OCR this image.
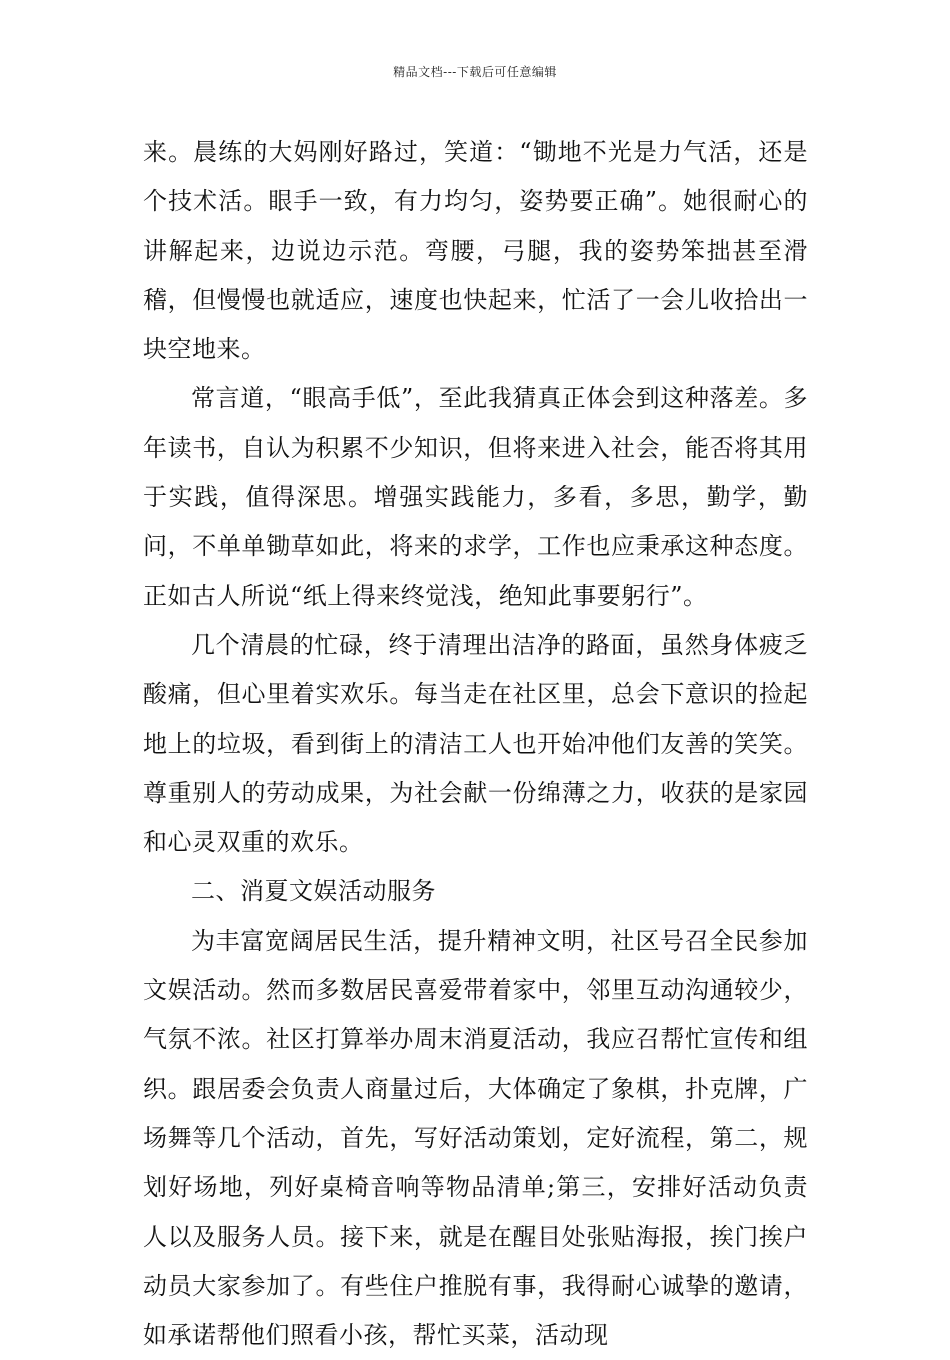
精品文档---下载后可任意编辑

来。晨练的大妈刚好路过，笑道：“锄地不光是力气活，还是个技术活。眼手一致，有力均匀，姿势要正确”。她很耐心的讲解起来，边说边示范。弯腰，弓腿，我的姿势笨拙甚至滑稽，但慢慢也就适应，速度也快起来，忙活了一会儿收拾出一块空地来。

常言道，“眼高手低”，至此我猜真正体会到这种落差。多年读书，自认为积累不少知识，但将来进入社会，能否将其用于实践，值得深思。增强实践能力，多看，多思，勤学，勤问，不单单锄草如此，将来的求学，工作也应秉承这种态度。正如古人所说“纸上得来终觉浅，绝知此事要躬行”。

几个清晨的忙碌，终于清理出洁净的路面，虽然身体疲乏酸痛，但心里着实欢乐。每当走在社区里，总会下意识的捡起地上的垃圾，看到街上的清洁工人也开始冲他们友善的笑笑。尊重别人的劳动成果，为社会献一份绵薄之力，收获的是家园和心灵双重的欢乐。

二、消夏文娱活动服务

为丰富宽阔居民生活，提升精神文明，社区号召全民参加文娱活动。然而多数居民喜爱带着家中，邻里互动沟通较少，气氛不浓。社区打算举办周末消夏活动，我应召帮忙宣传和组织。跟居委会负责人商量过后，大体确定了象棋，扑克牌，广场舞等几个活动，首先，写好活动策划，定好流程，第二，规划好场地，列好桌椅音响等物品清单;第三，安排好活动负责人以及服务人员。接下来，就是在醒目处张贴海报，挨门挨户动员大家参加了。有些住户推脱有事，我得耐心诚挚的邀请，如承诺帮他们照看小孩，帮忙买菜，活动现
